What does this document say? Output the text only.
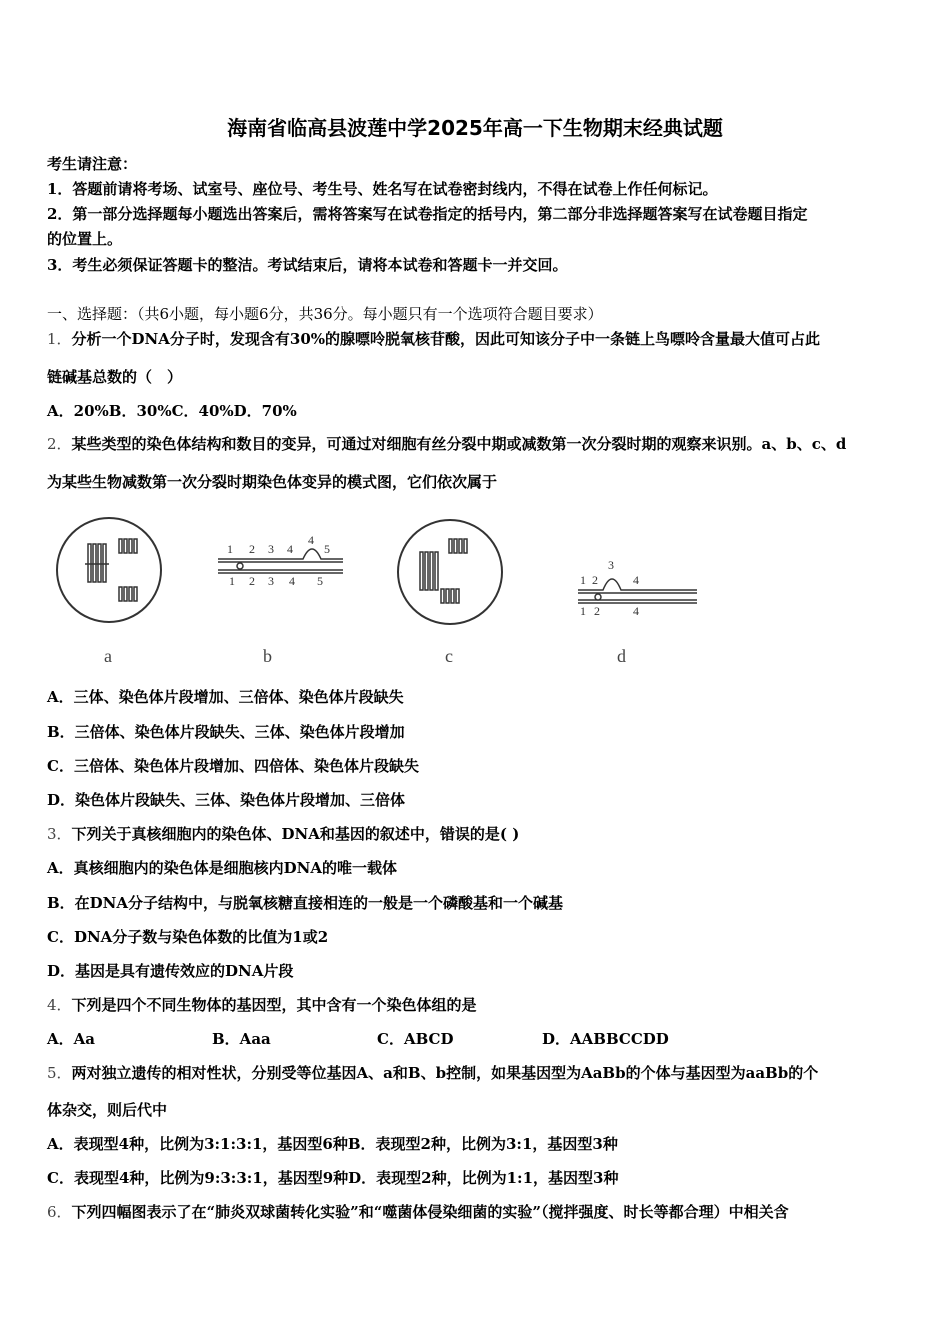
海南省临高县波莲中学2025年高一下生物期末经典试题
考生请注意：
1．答题前请将考场、试室号、座位号、考生号、姓名写在试卷密封线内，不得在试卷上作任何标记。
2．第一部分选择题每小题选出答案后，需将答案写在试卷指定的括号内，第二部分非选择题答案写在试卷题目指定
的位置上。
3．考生必须保证答题卡的整洁。考试结束后，请将本试卷和答题卡一并交回。
一、选择题：（共6小题，每小题6分，共36分。每小题只有一个选项符合题目要求）
1．分析一个DNA分子时，发现含有30%的腺嘌呤脱氧核苷酸，因此可知该分子中一条链上鸟嘌呤含量最大值可占此
链碱基总数的（　）
A．20%B．30%C．40%D．70%
2．某些类型的染色体结构和数目的变异，可通过对细胞有丝分裂中期或减数第一次分裂时期的观察来识别。a、b、c、d
为某些生物减数第一次分裂时期染色体变异的模式图，它们依次属于
a
1 2 3 4
4
5
1 2 3 4 5
b	c
1 2
3
4
1 2	4
d
A．三体、染色体片段增加、三倍体、染色体片段缺失
B．三倍体、染色体片段缺失、三体、染色体片段增加
C．三倍体、染色体片段增加、四倍体、染色体片段缺失
D．染色体片段缺失、三体、染色体片段增加、三倍体
3．下列关于真核细胞内的染色体、DNA和基因的叙述中，错误的是( )
A．真核细胞内的染色体是细胞核内DNA的唯一载体
B．在DNA分子结构中，与脱氧核糖直接相连的一般是一个磷酸基和一个碱基
C．DNA分子数与染色体数的比值为1或2
D．基因是具有遗传效应的DNA片段
4．下列是四个不同生物体的基因型，其中含有一个染色体组的是
A．Aa	B．Aaa	C．ABCD	D．AABBCCDD
5．两对独立遗传的相对性状，分别受等位基因A、a和B、b控制，如果基因型为AaBb的个体与基因型为aaBb的个
体杂交，则后代中
A．表现型4种，比例为3:1:3:1，基因型6种B．表现型2种，比例为3:1，基因型3种
C．表现型4种，比例为9:3:3:1，基因型9种D．表现型2种，比例为1:1，基因型3种
6．下列四幅图表示了在“肺炎双球菌转化实验”和“噬菌体侵染细菌的实验”（搅拌强度、时长等都合理）中相关含
